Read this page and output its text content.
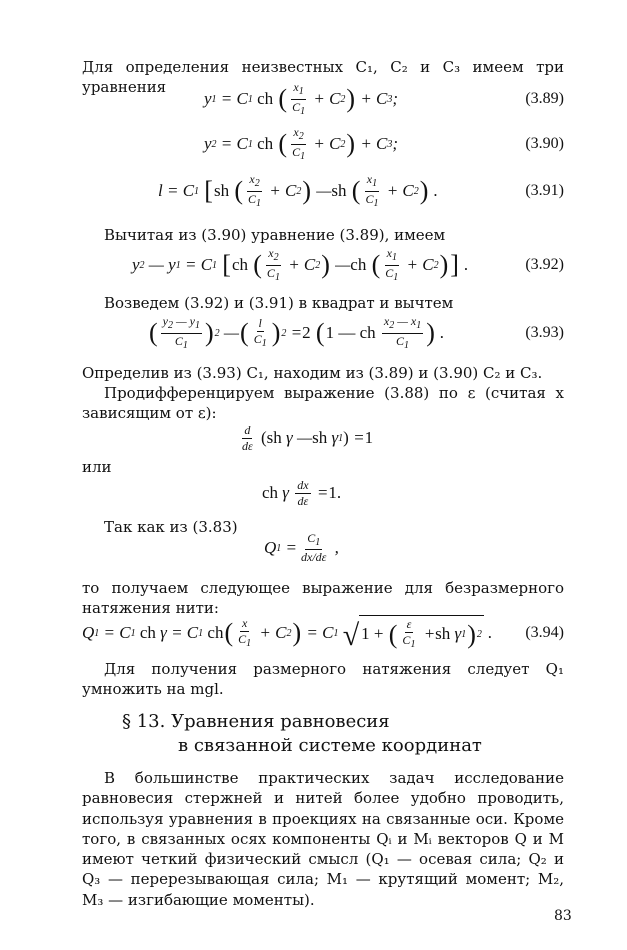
Для определения неизвестных C₁, C₂ и C₃ имеем три уравнения
y 1 = C 1
ch
( $\frac{x_1}{C_1} + C$ 2 ) + C 3 ;	(3.89)
y 2 = C 1
ch
( $\frac{x_2}{C_1} + C$ 2 ) + C 3 ;	(3.90)
l = C 1
[ sh
( $\frac{x_2}{C_1} + C$ 2 ) — sh
( $\frac{x_1}{C_1} + C$ 2 ) .	(3.91)
Вычитая из (3.90) уравнение (3.89), имеем
y 2 — y 1 = C 1
[ ch
( $\frac{x_2}{C_1} + C$ 2 ) — ch
( $\frac{x_1}{C_1} + C$ 2 ) ] .	(3.92)
Возведем (3.92) и (3.91) в квадрат и вычтем
( $\frac{y_2 — y_1}{C_1}$ ) 2 — ( $\frac{l}{C_1}$ ) 2 = 2
( 1 — ch
$\frac{x_2 — x_1}{C_1}$ ) .	(3.93)
Определив из (3.93) C₁, находим из (3.89) и (3.90) C₂ и C₃.
Продифференцируем выражение (3.88) по ε (считая x зависящим от ε):
$\frac{d}{d\varepsilon}$
(sh γ — sh γ 1 ) = 1
или
ch γ $\frac{dx}{d\varepsilon} = 1$.
Так как из (3.83)
Q $1 = \frac{C_1}{dx/d\varepsilon}$ ,
то получаем следующее выражение для безразмерного натяжения нити:
Q 1 = C 1
ch γ = C 1
ch ( $\frac{x}{C_1} + C$ 2 ) = C 1
√ 1 +
( $\frac{\varepsilon}{C_1}$ + sh γ 1 ) 2 . (3.94)
Для получения размерного натяжения следует Q₁ умножить на mgl.
§ 13. Уравнения равновесия
в связанной системе координат
В большинстве практических задач исследование равновесия стержней и нитей более удобно проводить, используя уравнения в проекциях на связанные оси. Кроме того, в связанных осях компоненты Qᵢ и Mᵢ векторов Q и M имеют четкий физический смысл (Q₁ — осевая сила; Q₂ и Q₃ — перерезывающая сила; M₁ — крутящий момент; M₂, M₃ — изгибающие моменты).
83
